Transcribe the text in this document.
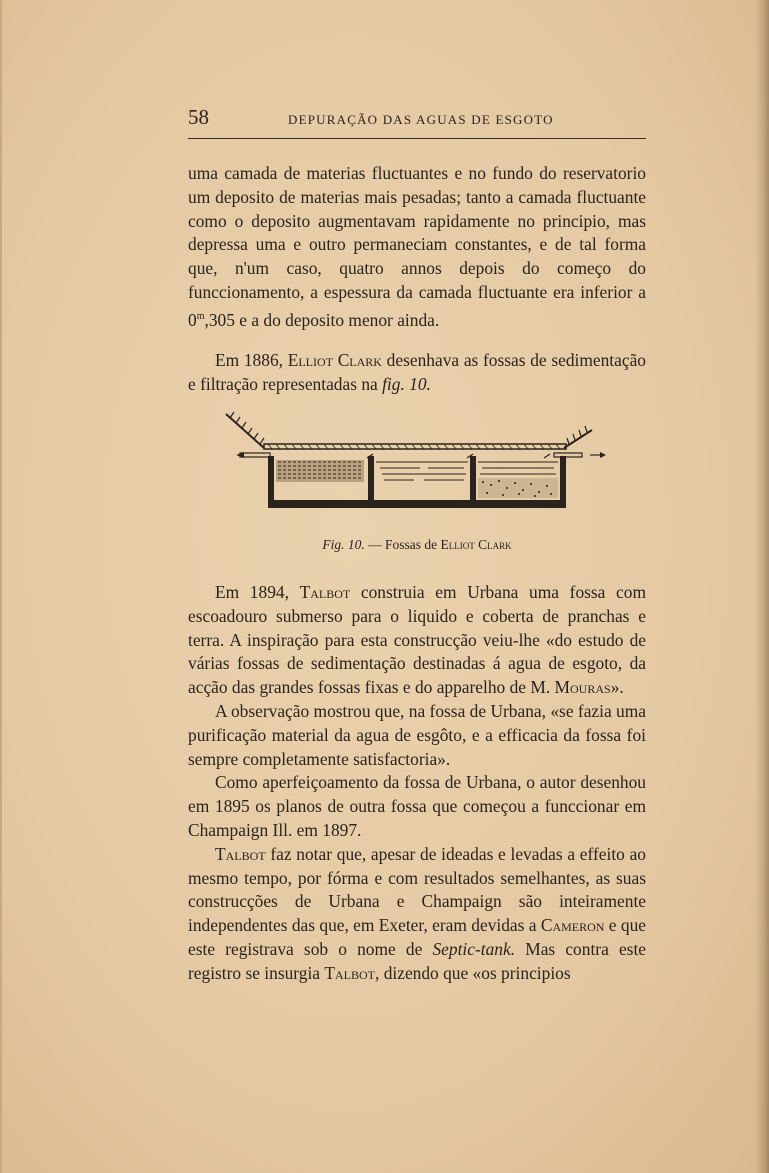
58	DEPURAÇÃO DAS AGUAS DE ESGOTO

uma camada de materias fluctuantes e no fundo do reservatorio um deposito de materias mais pesadas; tanto a camada fluctuante como o deposito augmentavam rapidamente no principio, mas depressa uma e outro permaneciam constantes, e de tal forma que, n'um caso, quatro annos depois do começo do funccionamento, a espessura da camada fluctuante era inferior a 0$^m$,305 e a do deposito menor ainda.

Em 1886, Elliot Clark desenhava as fossas de sedimentação e filtração representadas na fig. 10.

Fig. 10. — Fossas de Elliot Clark

Em 1894, Talbot construia em Urbana uma fossa com escoadouro submerso para o liquido e coberta de pranchas e terra. A inspiração para esta construcção veiu-lhe «do estudo de várias fossas de sedimentação destinadas á agua de esgoto, da acção das grandes fossas fixas e do apparelho de M. Mouras».

A observação mostrou que, na fossa de Urbana, «se fazia uma purificação material da agua de esgôto, e a efficacia da fossa foi sempre completamente satisfactoria».

Como aperfeiçoamento da fossa de Urbana, o autor desenhou em 1895 os planos de outra fossa que começou a funccionar em Champaign Ill. em 1897.

Talbot faz notar que, apesar de ideadas e levadas a effeito ao mesmo tempo, por fórma e com resultados semelhantes, as suas construcções de Urbana e Champaign são inteiramente independentes das que, em Exeter, eram devidas a Cameron e que este registrava sob o nome de Septic-tank. Mas contra este registro se insurgia Talbot, dizendo que «os principios
